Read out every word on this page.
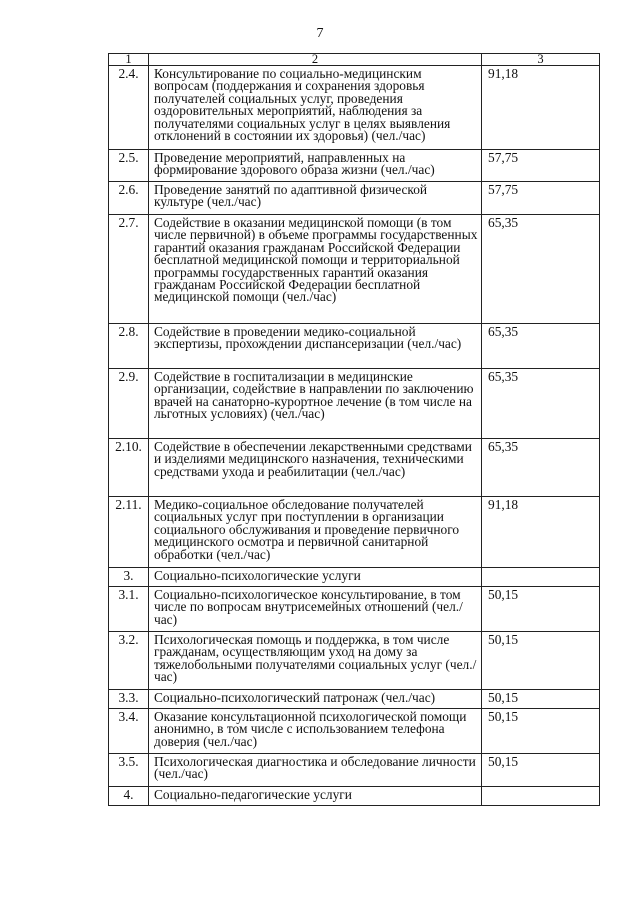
7
1	2	3
2.4.	Консультирование по социально-медицинским вопросам (поддержания и сохранения здоровья получателей социальных услуг, проведения оздоровительных мероприятий, наблюдения за получателями социальных услуг в целях выявления отклонений в состоянии их здоровья) (чел./час)	91,18
2.5.	Проведение мероприятий, направленных на формирование здорового образа жизни (чел./час)	57,75
2.6.	Проведение занятий по адаптивной физической культуре (чел./час)	57,75
2.7.	Содействие в оказании медицинской помощи (в том числе первичной) в объеме программы государственных гарантий оказания гражданам Российской Федерации бесплатной медицинской помощи и территориальной программы государственных гарантий оказания гражданам Российской Федерации бесплатной медицинской помощи (чел./час)	65,35
2.8.	Содействие в проведении медико-социальной экспертизы, прохождении диспансеризации (чел./час)	65,35
2.9.	Содействие в госпитализации в медицинские организации, содействие в направлении по заключению врачей на санаторно-курортное лечение (в том числе на льготных условиях) (чел./час)	65,35
2.10.	Содействие в обеспечении лекарственными средствами и изделиями медицинского назначения, техническими средствами ухода и реабилитации (чел./час)	65,35
2.11.	Медико-социальное обследование получателей социальных услуг при поступлении в организации социального обслуживания и проведение первичного медицинского осмотра и первичной санитарной обработки (чел./час)	91,18
3.	Социально-психологические услуги	
3.1.	Социально-психологическое консультирование, в том числе по вопросам внутрисемейных отношений (чел./час)	50,15
3.2.	Психологическая помощь и поддержка, в том числе гражданам, осуществляющим уход на дому за тяжелобольными получателями социальных услуг (чел./час)	50,15
3.3.	Социально-психологический патронаж (чел./час)	50,15
3.4.	Оказание консультационной психологической помощи анонимно, в том числе с использованием телефона доверия (чел./час)	50,15
3.5.	Психологическая диагностика и обследование личности (чел./час)	50,15
4.	Социально-педагогические услуги	
